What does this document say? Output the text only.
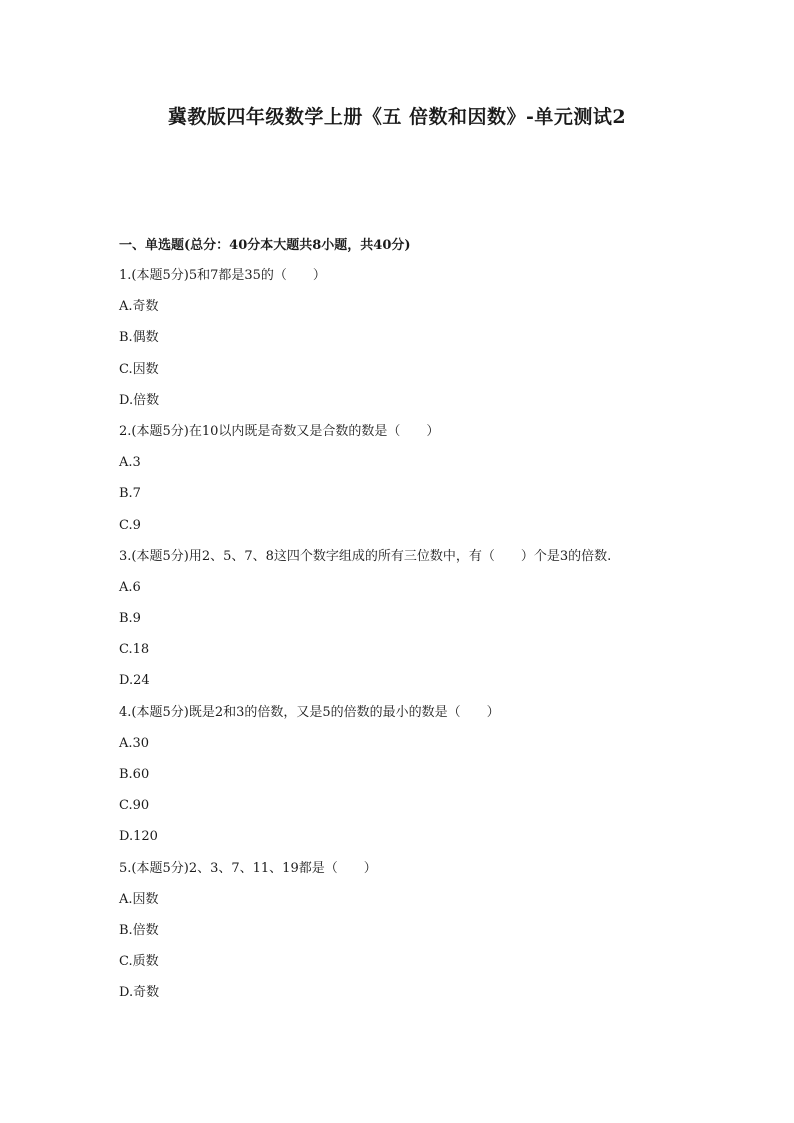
冀教版四年级数学上册《五 倍数和因数》-单元测试2
一、单选题(总分：40分本大题共8小题，共40分)
1.(本题5分)5和7都是35的（　　）
A.奇数
B.偶数
C.因数
D.倍数
2.(本题5分)在10以内既是奇数又是合数的数是（　　）
A.3
B.7
C.9
3.(本题5分)用2、5、7、8这四个数字组成的所有三位数中，有（　　）个是3的倍数.
A.6
B.9
C.18
D.24
4.(本题5分)既是2和3的倍数，又是5的倍数的最小的数是（　　）
A.30
B.60
C.90
D.120
5.(本题5分)2、3、7、11、19都是（　　）
A.因数
B.倍数
C.质数
D.奇数
